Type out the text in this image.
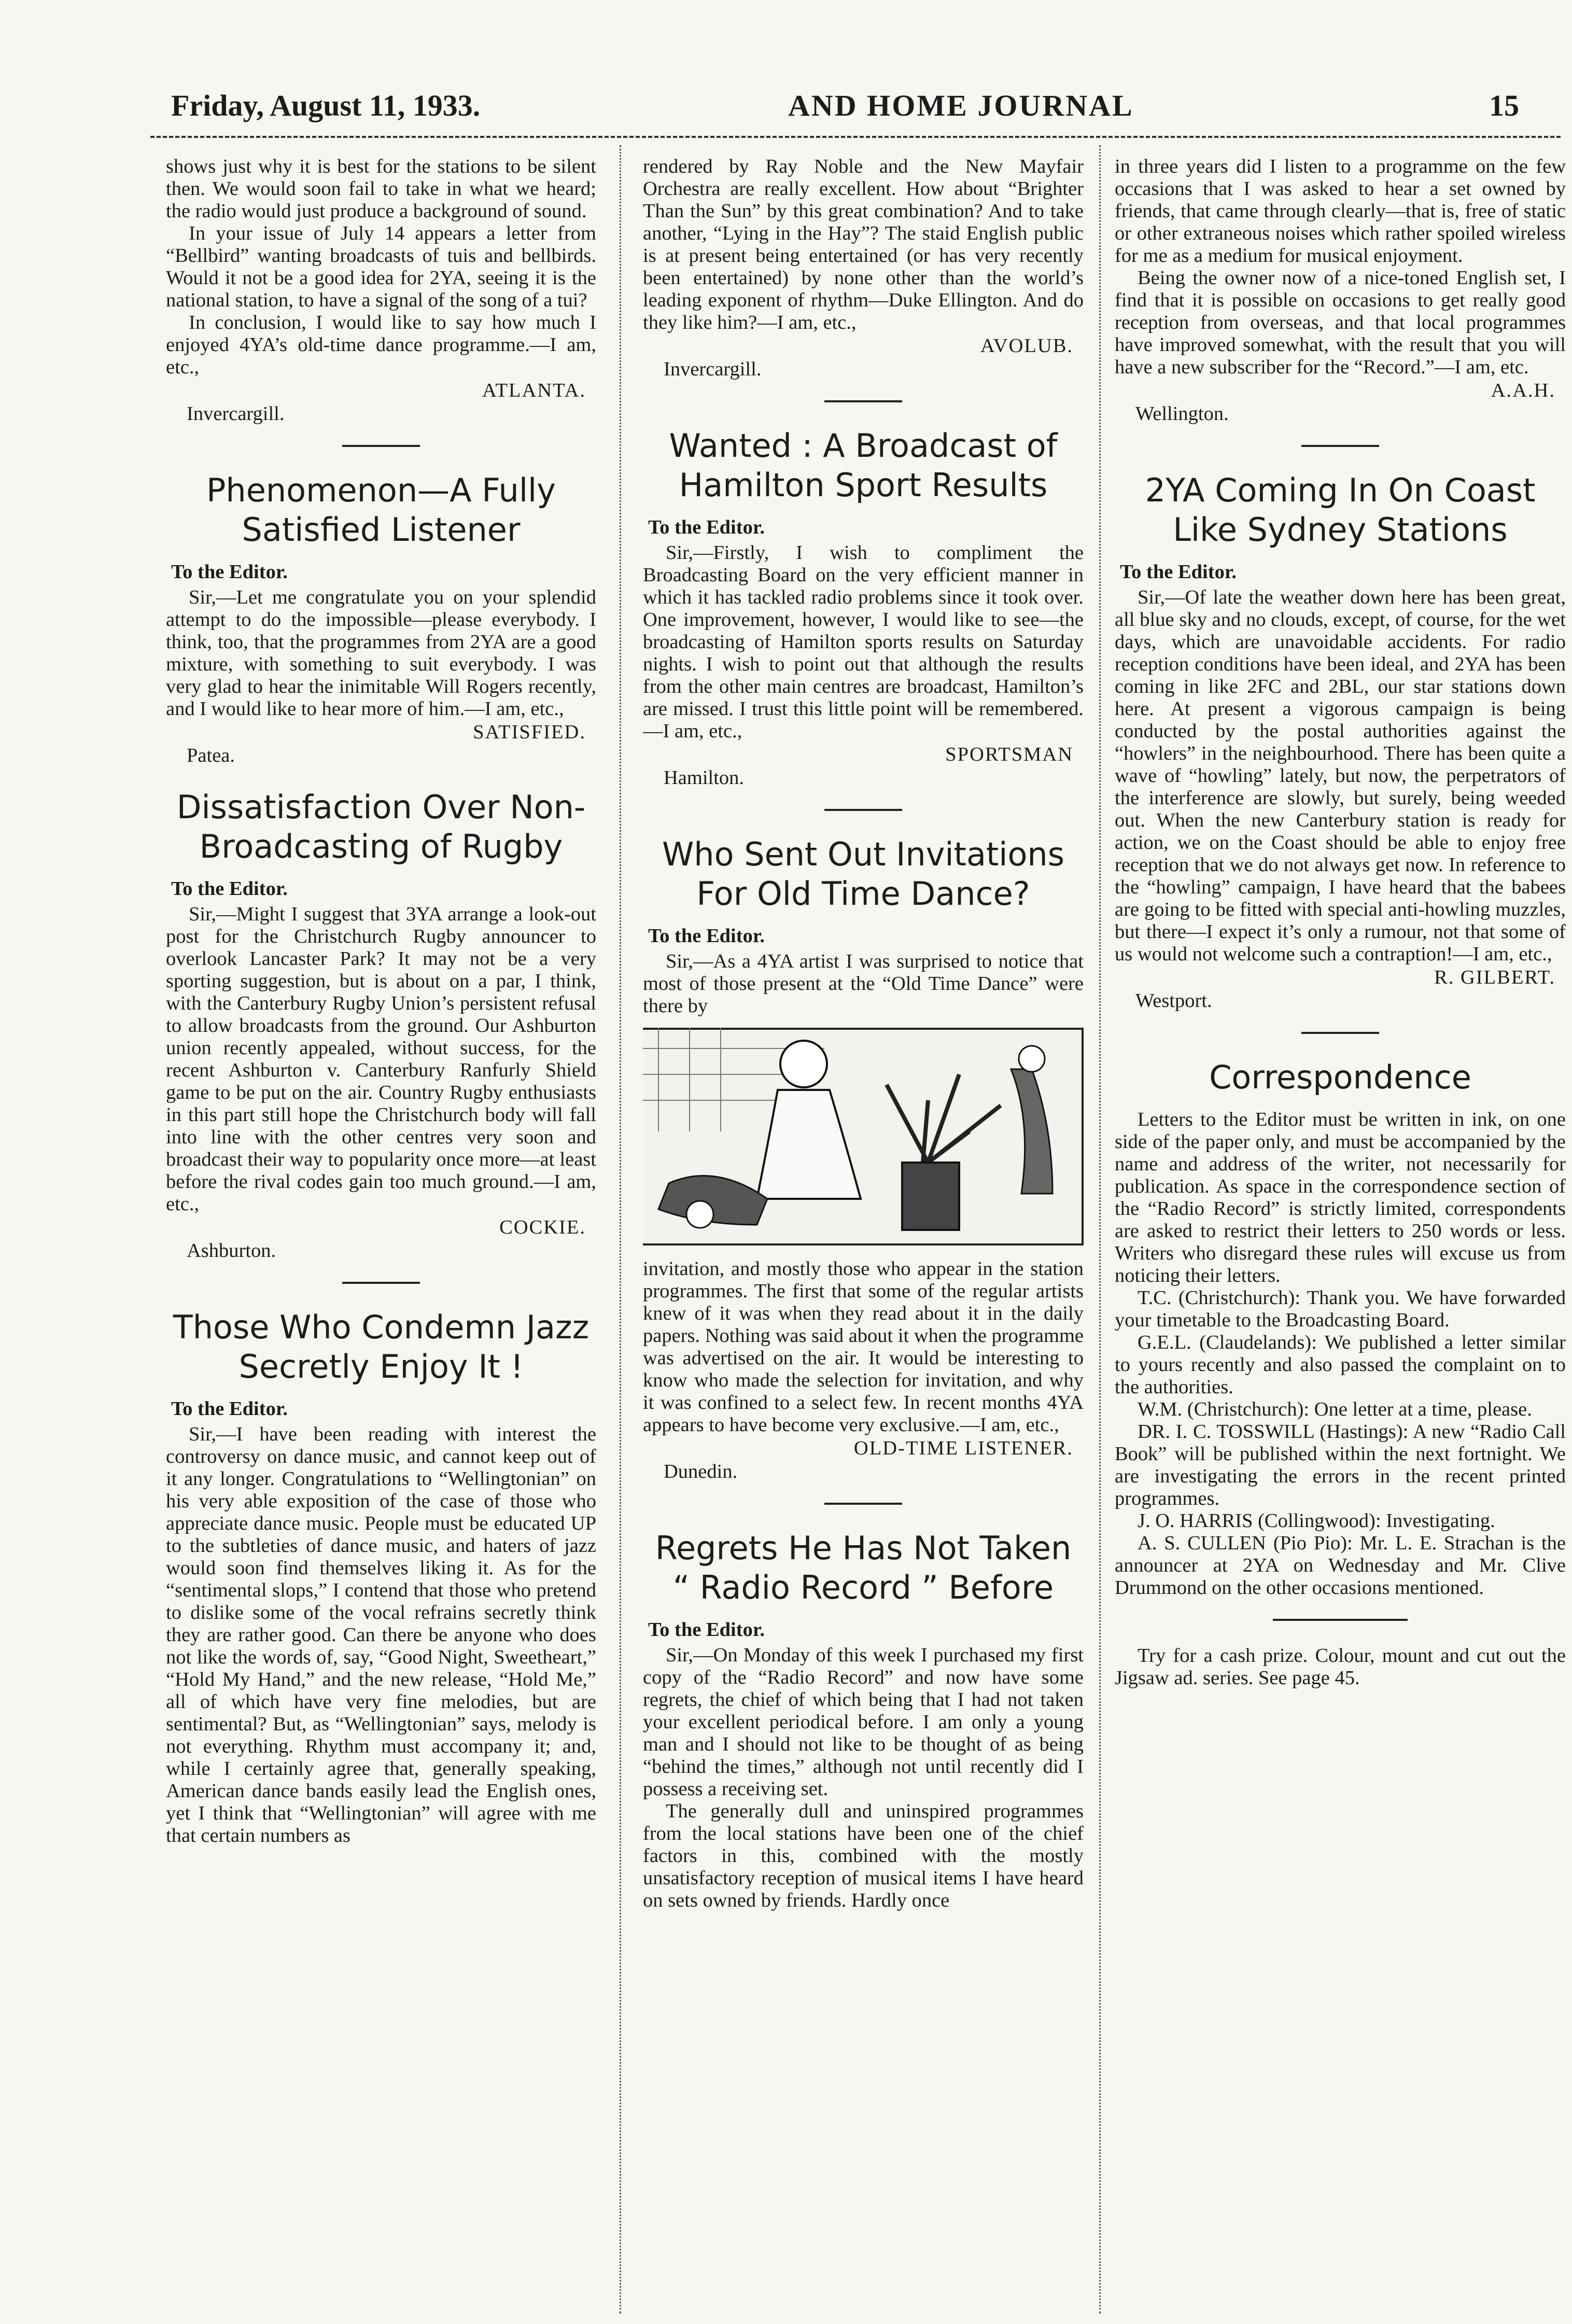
Friday, August 11, 1933.	AND HOME JOURNAL	15

shows just why it is best for the stations to be silent then. We would soon fail to take in what we heard; the radio would just produce a background of sound.

In your issue of July 14 appears a letter from “Bellbird” wanting broadcasts of tuis and bellbirds. Would it not be a good idea for 2YA, seeing it is the national station, to have a signal of the song of a tui?

In conclusion, I would like to say how much I enjoyed 4YA’s old-time dance programme.—I am, etc.,

ATLANTA.
Invercargill.
Phenomenon—A Fully Satisfied Listener
To the Editor.

Sir,—Let me congratulate you on your splendid attempt to do the impossible—please everybody. I think, too, that the programmes from 2YA are a good mixture, with something to suit everybody. I was very glad to hear the inimitable Will Rogers recently, and I would like to hear more of him.—I am, etc.,

SATISFIED.
Patea.
Dissatisfaction Over Non-Broadcasting of Rugby
To the Editor.

Sir,—Might I suggest that 3YA arrange a look-out post for the Christchurch Rugby announcer to overlook Lancaster Park? It may not be a very sporting suggestion, but is about on a par, I think, with the Canterbury Rugby Union’s persistent refusal to allow broadcasts from the ground. Our Ashburton union recently appealed, without success, for the recent Ashburton v. Canterbury Ranfurly Shield game to be put on the air. Country Rugby enthusiasts in this part still hope the Christchurch body will fall into line with the other centres very soon and broadcast their way to popularity once more—at least before the rival codes gain too much ground.—I am, etc.,

COCKIE.
Ashburton.
Those Who Condemn Jazz Secretly Enjoy It !
To the Editor.

Sir,—I have been reading with interest the controversy on dance music, and cannot keep out of it any longer. Congratulations to “Wellingtonian” on his very able exposition of the case of those who appreciate dance music. People must be educated UP to the subtleties of dance music, and haters of jazz would soon find themselves liking it. As for the “sentimental slops,” I contend that those who pretend to dislike some of the vocal refrains secretly think they are rather good. Can there be anyone who does not like the words of, say, “Good Night, Sweetheart,” “Hold My Hand,” and the new release, “Hold Me,” all of which have very fine melodies, but are sentimental? But, as “Wellingtonian” says, melody is not everything. Rhythm must accompany it; and, while I certainly agree that, generally speaking, American dance bands easily lead the English ones, yet I think that “Wellingtonian” will agree with me that certain numbers as

rendered by Ray Noble and the New Mayfair Orchestra are really excellent. How about “Brighter Than the Sun” by this great combination? And to take another, “Lying in the Hay”? The staid English public is at present being entertained (or has very recently been entertained) by none other than the world’s leading exponent of rhythm—Duke Ellington. And do they like him?—I am, etc.,

AVOLUB.
Invercargill.
Wanted : A Broadcast of Hamilton Sport Results
To the Editor.

Sir,—Firstly, I wish to compliment the Broadcasting Board on the very efficient manner in which it has tackled radio problems since it took over. One improvement, however, I would like to see—the broadcasting of Hamilton sports results on Saturday nights. I wish to point out that although the results from the other main centres are broadcast, Hamilton’s are missed. I trust this little point will be remembered.—I am, etc.,

SPORTSMAN
Hamilton.
Who Sent Out Invitations For Old Time Dance?
To the Editor.

Sir,—As a 4YA artist I was surprised to notice that most of those present at the “Old Time Dance” were there by

invitation, and mostly those who appear in the station programmes. The first that some of the regular artists knew of it was when they read about it in the daily papers. Nothing was said about it when the programme was advertised on the air. It would be interesting to know who made the selection for invitation, and why it was confined to a select few. In recent months 4YA appears to have become very exclusive.—I am, etc.,

OLD-TIME LISTENER.
Dunedin.
Regrets He Has Not Taken “ Radio Record ” Before
To the Editor.

Sir,—On Monday of this week I purchased my first copy of the “Radio Record” and now have some regrets, the chief of which being that I had not taken your excellent periodical before. I am only a young man and I should not like to be thought of as being “behind the times,” although not until recently did I possess a receiving set.

The generally dull and uninspired programmes from the local stations have been one of the chief factors in this, combined with the mostly unsatisfactory reception of musical items I have heard on sets owned by friends. Hardly once

in three years did I listen to a programme on the few occasions that I was asked to hear a set owned by friends, that came through clearly—that is, free of static or other extraneous noises which rather spoiled wireless for me as a medium for musical enjoyment.

Being the owner now of a nice-toned English set, I find that it is possible on occasions to get really good reception from overseas, and that local programmes have improved somewhat, with the result that you will have a new subscriber for the “Record.”—I am, etc.

A.A.H.
Wellington.
2YA Coming In On Coast Like Sydney Stations
To the Editor.

Sir,—Of late the weather down here has been great, all blue sky and no clouds, except, of course, for the wet days, which are unavoidable accidents. For radio reception conditions have been ideal, and 2YA has been coming in like 2FC and 2BL, our star stations down here. At present a vigorous campaign is being conducted by the postal authorities against the “howlers” in the neighbourhood. There has been quite a wave of “howling” lately, but now, the perpetrators of the interference are slowly, but surely, being weeded out. When the new Canterbury station is ready for action, we on the Coast should be able to enjoy free reception that we do not always get now. In reference to the “howling” campaign, I have heard that the babees are going to be fitted with special anti-howling muzzles, but there—I expect it’s only a rumour, not that some of us would not welcome such a contraption!—I am, etc.,

R. GILBERT.
Westport.
Correspondence

Letters to the Editor must be written in ink, on one side of the paper only, and must be accompanied by the name and address of the writer, not necessarily for publication. As space in the correspondence section of the “Radio Record” is strictly limited, correspondents are asked to restrict their letters to 250 words or less. Writers who disregard these rules will excuse us from noticing their letters.

T.C. (Christchurch): Thank you. We have forwarded your timetable to the Broadcasting Board.

G.E.L. (Claudelands): We published a letter similar to yours recently and also passed the complaint on to the authorities.

W.M. (Christchurch): One letter at a time, please.

DR. I. C. TOSSWILL (Hastings): A new “Radio Call Book” will be published within the next fortnight. We are investigating the errors in the recent printed programmes.

J. O. HARRIS (Collingwood): Investigating.

A. S. CULLEN (Pio Pio): Mr. L. E. Strachan is the announcer at 2YA on Wednesday and Mr. Clive Drummond on the other occasions mentioned.

Try for a cash prize. Colour, mount and cut out the Jigsaw ad. series. See page 45.
